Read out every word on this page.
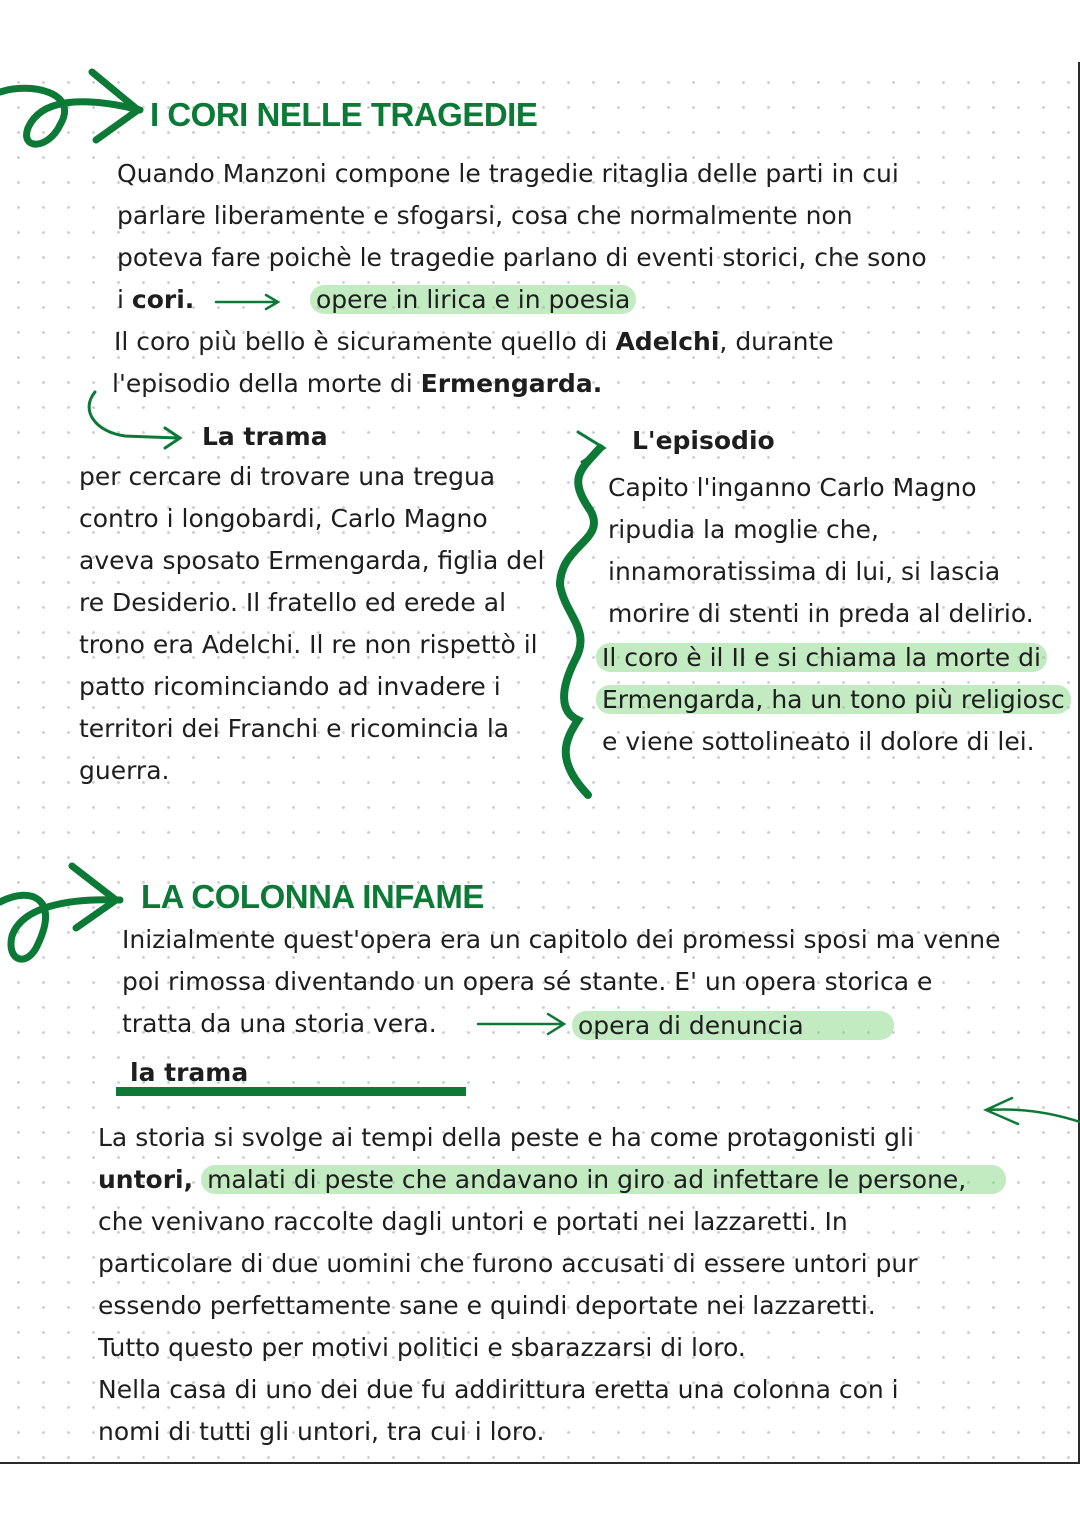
I CORI NELLE TRAGEDIE
Quando Manzoni compone le tragedie ritaglia delle parti in cui
parlare liberamente e sfogarsi, cosa che normalmente non
poteva fare poichè le tragedie parlano di eventi storici, che sono
i cori.	opere in lirica e in poesia
Il coro più bello è sicuramente quello di Adelchi, durante
l'episodio della morte di Ermengarda.
La trama
per cercare di trovare una tregua
contro i longobardi, Carlo Magno
aveva sposato Ermengarda, figlia del
re Desiderio. Il fratello ed erede al
trono era Adelchi. Il re non rispettò il
patto ricominciando ad invadere i
territori dei Franchi e ricomincia la
guerra.
L'episodio
Capito l'inganno Carlo Magno
ripudia la moglie che,
innamoratissima di lui, si lascia
morire di stenti in preda al delirio.
Il coro è il II e si chiama la morte di
Ermengarda, ha un tono più religiosc
e viene sottolineato il dolore di lei.
LA COLONNA INFAME
Inizialmente quest'opera era un capitolo dei promessi sposi ma venne
poi rimossa diventando un opera sé stante. E' un opera storica e
tratta da una storia vera.	opera di denuncia
la trama
La storia si svolge ai tempi della peste e ha come protagonisti gli
untori, malati di peste che andavano in giro ad infettare le persone,
che venivano raccolte dagli untori e portati nei lazzaretti. In
particolare di due uomini che furono accusati di essere untori pur
essendo perfettamente sane e quindi deportate nei lazzaretti.
Tutto questo per motivi politici e sbarazzarsi di loro.
Nella casa di uno dei due fu addirittura eretta una colonna con i
nomi di tutti gli untori, tra cui i loro.
